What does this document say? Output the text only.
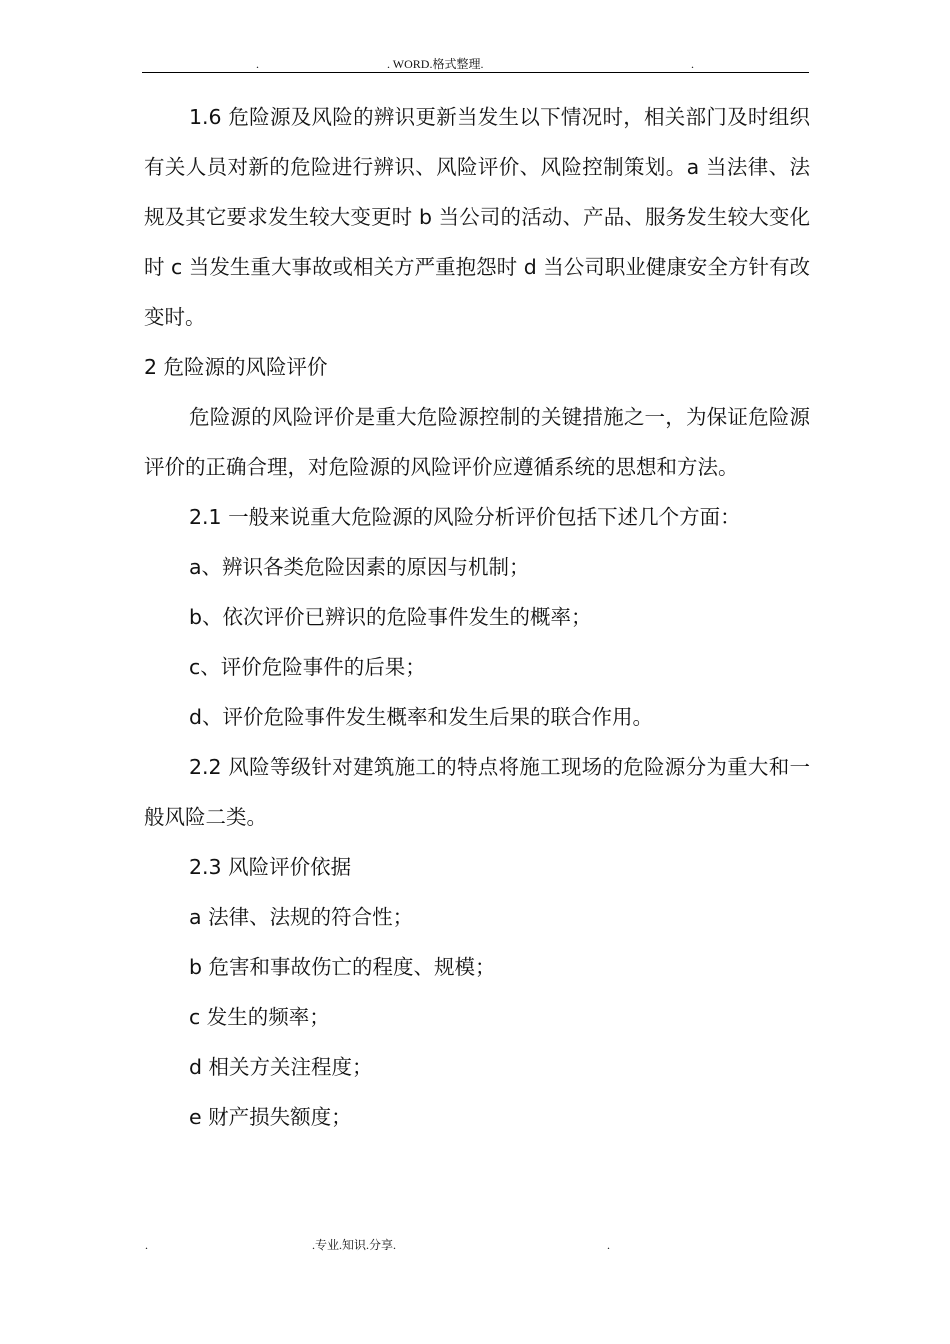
.	. WORD.格式整理.	.

1.6 危险源及风险的辨识更新当发生以下情况时，相关部门及时组织有关人员对新的危险进行辨识、风险评价、风险控制策划。a 当法律、法规及其它要求发生较大变更时 b 当公司的活动、产品、服务发生较大变化时 c 当发生重大事故或相关方严重抱怨时 d 当公司职业健康安全方针有改变时。

2 危险源的风险评价

危险源的风险评价是重大危险源控制的关键措施之一，为保证危险源评价的正确合理，对危险源的风险评价应遵循系统的思想和方法。

2.1 一般来说重大危险源的风险分析评价包括下述几个方面：

a、辨识各类危险因素的原因与机制；

b、依次评价已辨识的危险事件发生的概率；

c、评价危险事件的后果；

d、评价危险事件发生概率和发生后果的联合作用。

2.2 风险等级针对建筑施工的特点将施工现场的危险源分为重大和一般风险二类。

2.3 风险评价依据

a 法律、法规的符合性；

b 危害和事故伤亡的程度、规模；

c 发生的频率；

d 相关方关注程度；

e 财产损失额度；

.	.专业.知识.分享.	.
